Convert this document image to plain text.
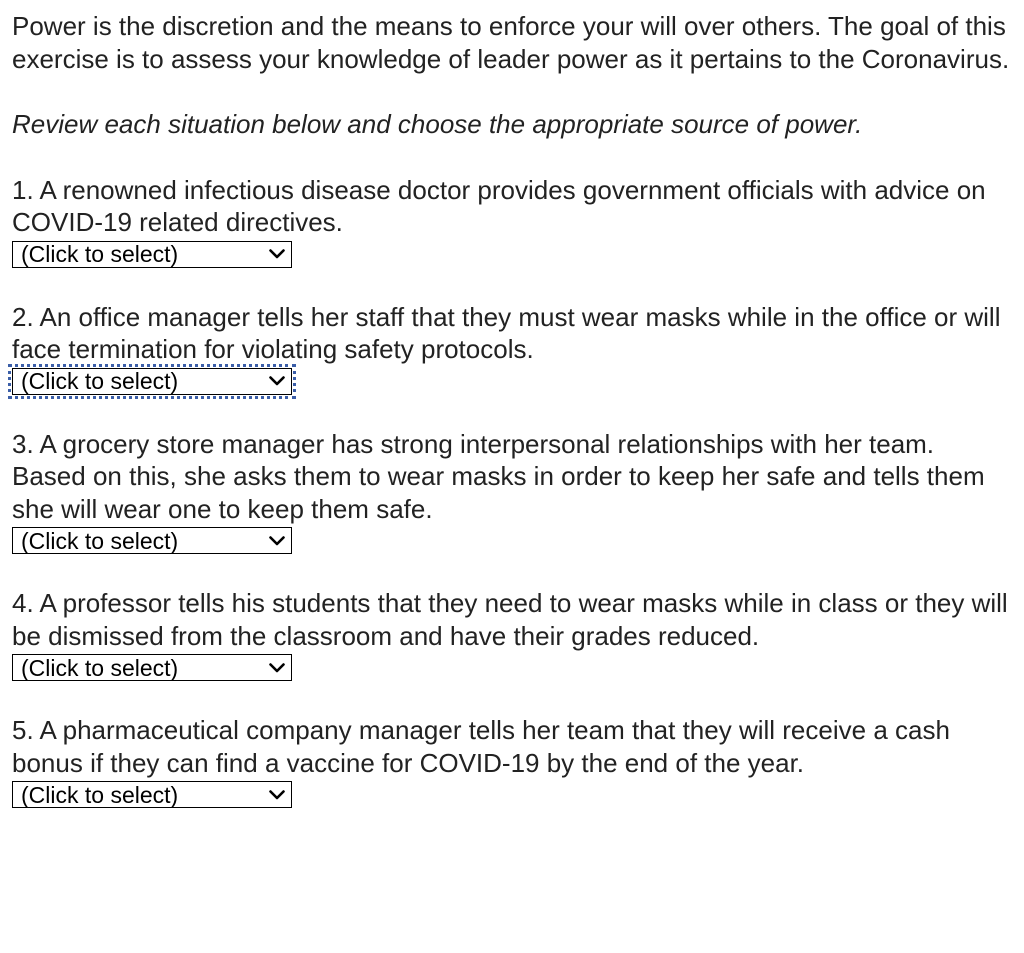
Power is the discretion and the means to enforce your will over others. The goal of this exercise is to assess your knowledge of leader power as it pertains to the Coronavirus.

Review each situation below and choose the appropriate source of power.

1. A renowned infectious disease doctor provides government officials with advice on COVID-19 related directives.

(Click to select)

2. An office manager tells her staff that they must wear masks while in the office or will face termination for violating safety protocols.

(Click to select)

3. A grocery store manager has strong interpersonal relationships with her team. Based on this, she asks them to wear masks in order to keep her safe and tells them she will wear one to keep them safe.

(Click to select)

4. A professor tells his students that they need to wear masks while in class or they will be dismissed from the classroom and have their grades reduced.

(Click to select)

5. A pharmaceutical company manager tells her team that they will receive a cash bonus if they can find a vaccine for COVID-19 by the end of the year.

(Click to select)
